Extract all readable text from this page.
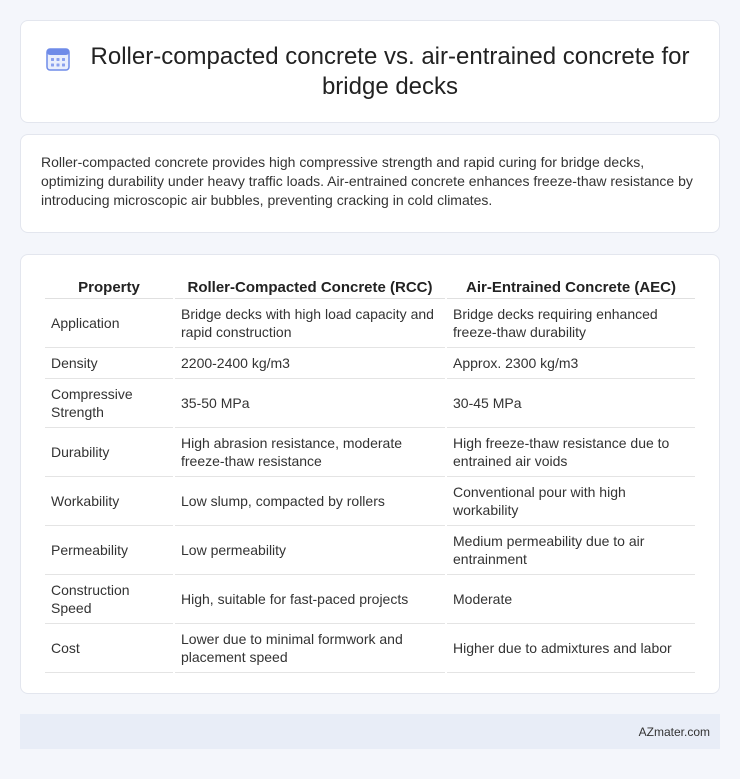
Roller-compacted concrete vs. air-entrained concrete for bridge decks

Roller-compacted concrete provides high compressive strength and rapid curing for bridge decks, optimizing durability under heavy traffic loads. Air-entrained concrete enhances freeze-thaw resistance by introducing microscopic air bubbles, preventing cracking in cold climates.

Property	Roller-Compacted Concrete (RCC)	Air-Entrained Concrete (AEC)
Application	Bridge decks with high load capacity and rapid construction	Bridge decks requiring enhanced freeze-thaw durability
Density	2200-2400 kg/m3	Approx. 2300 kg/m3
Compressive Strength	35-50 MPa	30-45 MPa
Durability	High abrasion resistance, moderate freeze-thaw resistance	High freeze-thaw resistance due to entrained air voids
Workability	Low slump, compacted by rollers	Conventional pour with high workability
Permeability	Low permeability	Medium permeability due to air entrainment
Construction Speed	High, suitable for fast-paced projects	Moderate
Cost	Lower due to minimal formwork and placement speed	Higher due to admixtures and labor
AZmater.com
